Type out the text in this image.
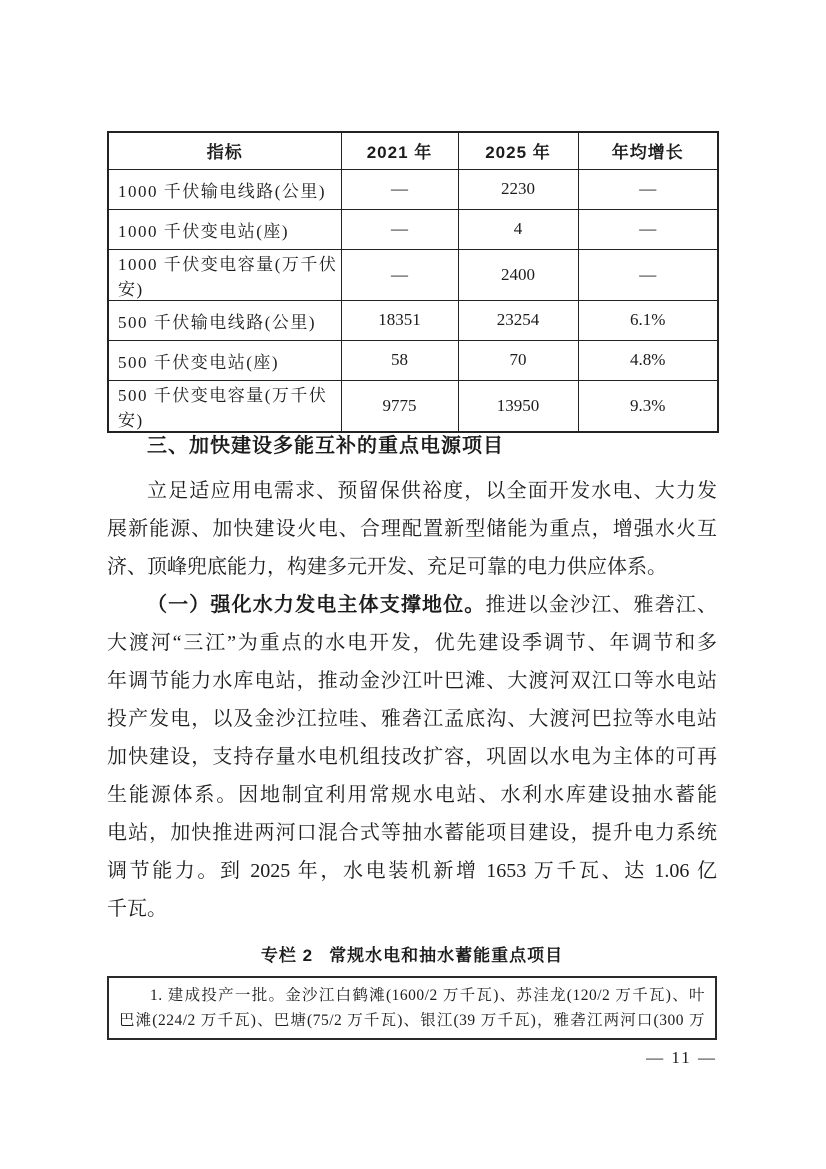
指标	2021 年	2025 年	年均增长
1000 千伏输电线路(公里)	—	2230	—
1000 千伏变电站(座)	—	4	—
1000 千伏变电容量(万千伏安)	—	2400	—
500 千伏输电线路(公里)	18351	23254	6.1%
500 千伏变电站(座)	58	70	4.8%
500 千伏变电容量(万千伏安)	9775	13950	9.3%
三、加快建设多能互补的重点电源项目
立足适应用电需求、预留保供裕度，以全面开发水电、大力发
展新能源、加快建设火电、合理配置新型储能为重点，增强水火互
济、顶峰兜底能力，构建多元开发、充足可靠的电力供应体系。
（一）强化水力发电主体支撑地位。推进以金沙江、雅砻江、
大渡河“三江”为重点的水电开发，优先建设季调节、年调节和多
年调节能力水库电站，推动金沙江叶巴滩、大渡河双江口等水电站
投产发电，以及金沙江拉哇、雅砻江孟底沟、大渡河巴拉等水电站
加快建设，支持存量水电机组技改扩容，巩固以水电为主体的可再
生能源体系。因地制宜利用常规水电站、水利水库建设抽水蓄能
电站，加快推进两河口混合式等抽水蓄能项目建设，提升电力系统
调节能力。到 2025 年，水电装机新增 1653 万千瓦、达 1.06 亿
千瓦。
专栏 2 常规水电和抽水蓄能重点项目
1. 建成投产一批。金沙江白鹤滩(1600/2 万千瓦)、苏洼龙(120/2 万千瓦)、叶
巴滩(224/2 万千瓦)、巴塘(75/2 万千瓦)、银江(39 万千瓦)，雅砻江两河口(300 万
— 11 —
